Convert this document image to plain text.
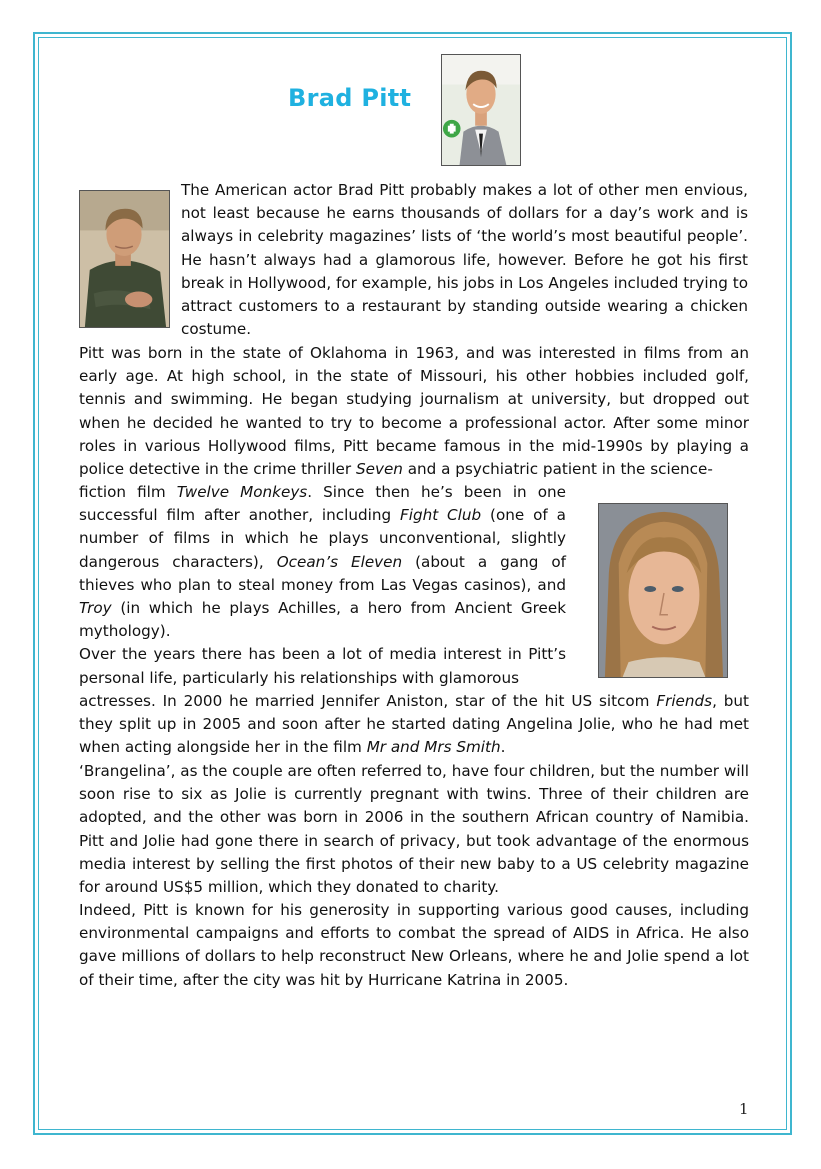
Brad Pitt

The American actor Brad Pitt probably makes a lot of other men envious, not least because he earns thousands of dollars for a day’s work and is always in celebrity magazines’ lists of ‘the world’s most beautiful people’. He hasn’t always had a glamorous life, however. Before he got his first break in Hollywood, for example, his jobs in Los Angeles included trying to attract customers to a restaurant by standing outside wearing a chicken costume.

Pitt was born in the state of Oklahoma in 1963, and was interested in films from an early age. At high school, in the state of Missouri, his other hobbies included golf, tennis and swimming. He began studying journalism at university, but dropped out when he decided he wanted to try to become a professional actor. After some minor roles in various Hollywood films, Pitt became famous in the mid-1990s by playing a police detective in the crime thriller Seven and a psychiatric patient in the science-

fiction film Twelve Monkeys. Since then he’s been in one successful film after another, including Fight Club (one of a number of films in which he plays unconventional, slightly dangerous characters), Ocean’s Eleven (about a gang of thieves who plan to steal money from Las Vegas casinos), and Troy (in which he plays Achilles, a hero from Ancient Greek mythology).
Over the years there has been a lot of media interest in Pitt’s personal life, particularly his relationships with glamorous

actresses. In 2000 he married Jennifer Aniston, star of the hit US sitcom Friends, but they split up in 2005 and soon after he started dating Angelina Jolie, who he had met when acting alongside her in the film Mr and Mrs Smith.

‘Brangelina’, as the couple are often referred to, have four children, but the number will soon rise to six as Jolie is currently pregnant with twins. Three of their children are adopted, and the other was born in 2006 in the southern African country of Namibia. Pitt and Jolie had gone there in search of privacy, but took advantage of the enormous media interest by selling the first photos of their new baby to a US celebrity magazine for around US$5 million, which they donated to charity.

Indeed, Pitt is known for his generosity in supporting various good causes, including environmental campaigns and efforts to combat the spread of AIDS in Africa. He also gave millions of dollars to help reconstruct New Orleans, where he and Jolie spend a lot of their time, after the city was hit by Hurricane Katrina in 2005.

1
